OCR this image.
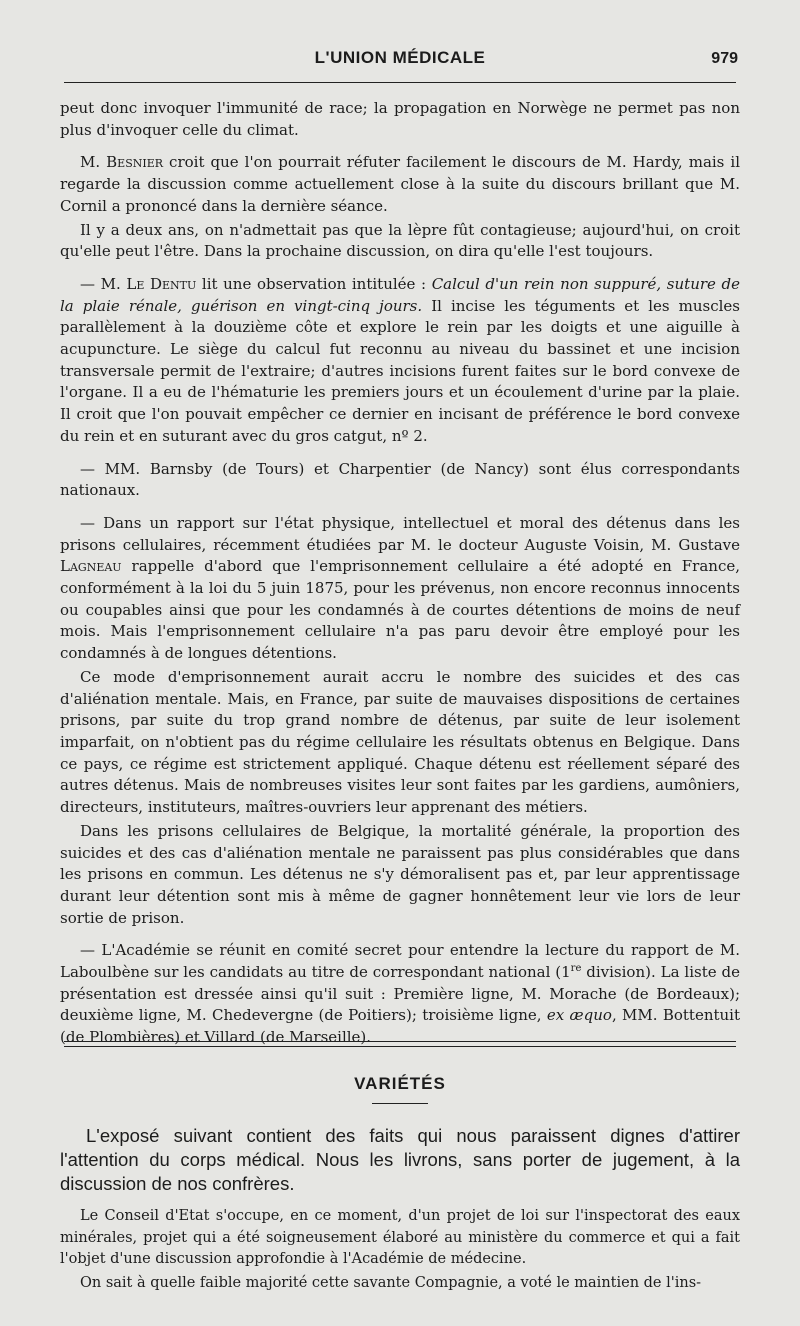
L'UNION MÉDICALE	979

peut donc invoquer l'immunité de race; la propagation en Norwège ne permet pas non plus d'invoquer celle du climat.

M. Besnier croit que l'on pourrait réfuter facilement le discours de M. Hardy, mais il regarde la discussion comme actuellement close à la suite du discours brillant que M. Cornil a prononcé dans la dernière séance.

Il y a deux ans, on n'admettait pas que la lèpre fût contagieuse; aujourd'hui, on croit qu'elle peut l'être. Dans la prochaine discussion, on dira qu'elle l'est toujours.

— M. Le Dentu lit une observation intitulée : Calcul d'un rein non suppuré, suture de la plaie rénale, guérison en vingt-cinq jours. Il incise les téguments et les muscles parallèlement à la douzième côte et explore le rein par les doigts et une aiguille à acupuncture. Le siège du calcul fut reconnu au niveau du bassinet et une incision transversale permit de l'extraire; d'autres incisions furent faites sur le bord convexe de l'organe. Il a eu de l'hématurie les premiers jours et un écoulement d'urine par la plaie. Il croit que l'on pouvait empêcher ce dernier en incisant de préférence le bord convexe du rein et en suturant avec du gros catgut, nº 2.

— MM. Barnsby (de Tours) et Charpentier (de Nancy) sont élus correspondants nationaux.

— Dans un rapport sur l'état physique, intellectuel et moral des détenus dans les prisons cellulaires, récemment étudiées par M. le docteur Auguste Voisin, M. Gustave Lagneau rappelle d'abord que l'emprisonnement cellulaire a été adopté en France, conformément à la loi du 5 juin 1875, pour les prévenus, non encore reconnus innocents ou coupables ainsi que pour les condamnés à de courtes détentions de moins de neuf mois. Mais l'emprisonnement cellulaire n'a pas paru devoir être employé pour les condamnés à de longues détentions.

Ce mode d'emprisonnement aurait accru le nombre des suicides et des cas d'aliénation mentale. Mais, en France, par suite de mauvaises dispositions de certaines prisons, par suite du trop grand nombre de détenus, par suite de leur isolement imparfait, on n'obtient pas du régime cellulaire les résultats obtenus en Belgique. Dans ce pays, ce régime est strictement appliqué. Chaque détenu est réellement séparé des autres détenus. Mais de nombreuses visites leur sont faites par les gardiens, aumôniers, directeurs, instituteurs, maîtres-ouvriers leur apprenant des métiers.

Dans les prisons cellulaires de Belgique, la mortalité générale, la proportion des suicides et des cas d'aliénation mentale ne paraissent pas plus considérables que dans les prisons en commun. Les détenus ne s'y démoralisent pas et, par leur apprentissage durant leur détention sont mis à même de gagner honnêtement leur vie lors de leur sortie de prison.

— L'Académie se réunit en comité secret pour entendre la lecture du rapport de M. Laboulbène sur les candidats au titre de correspondant national (1re division). La liste de présentation est dressée ainsi qu'il suit : Première ligne, M. Morache (de Bordeaux); deuxième ligne, M. Chedevergne (de Poitiers); troisième ligne, ex æquo, MM. Bottentuit (de Plombières) et Villard (de Marseille).

VARIÉTÉS

L'exposé suivant contient des faits qui nous paraissent dignes d'attirer l'attention du corps médical. Nous les livrons, sans porter de jugement, à la discussion de nos confrères.

Le Conseil d'Etat s'occupe, en ce moment, d'un projet de loi sur l'inspectorat des eaux minérales, projet qui a été soigneusement élaboré au ministère du commerce et qui a fait l'objet d'une discussion approfondie à l'Académie de médecine.

On sait à quelle faible majorité cette savante Compagnie, a voté le maintien de l'ins-
